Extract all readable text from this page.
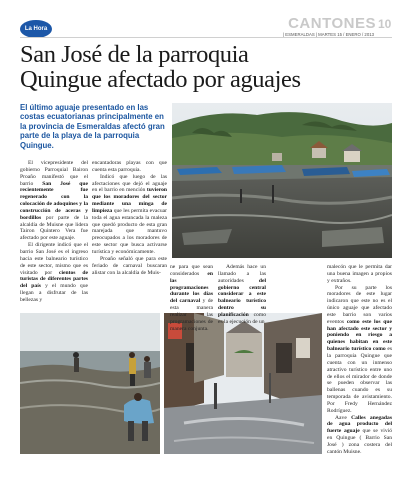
La Hora	CANTONES 10
| ESMERALDAS | MARTES 15 / ENERO / 2013
San José de la parroquia
Quingue afectado por aguajes

El último aguaje presentado en las costas ecuatorianas principalmente en la provincia de Esmeraldas afectó gran parte de la playa de la parroquia Quingue.

El vicepresidente del gobierno Parroquial Bairon Proaño manifestó que el barrio San José que recientemente fue regenerado con la colocación de adoquines y la construcción de aceras y bordillos por parte de la alcaldía de Muisne que lidera Tairon Quintero Vera fue afectado por este aguaje.
El dirigente indicó que el barrio San José es el ingreso hacia este balneario turístico de este sector, mismo que es visitado por cientos de turistas de diferentes partes del país y el mundo que llegan a disfrutar de las bellezas y
encantadoras playas con que cuenta esta parroquia.
Indicó que luego de las afectaciones que dejó el aguaje en el barrio en mención tuvieron que los moradores del sector mediante una minga de limpieza que les permita evacuar toda el agua estancada la maleza que quedó producto de esta gran marejada que mantuvo preocupados a los moradores de este sector que busca activarse turística y económicamente.
Proaño señaló que para este feriado de carnaval buscaran alistar con la alcaldía de Muis-
ne para que sean considerados en las programaciones durante los días del carnaval y de esta manera realizar las programaciones de manera conjunta.
Además hace un llamado a las autoridades del gobierno central considerar a este balneario turístico dentro su planificación como es la ejecución de un
malecón que le permita dar una buena imagen a propios y extraños.
Por su parte los moradores de este lugar indicaron que este no es el único aguaje que afectado este barrio son varios eventos como este los que han afectado este sector y poniendo en riesgo a quienes habitan en este balneario turístico como es la parroquia Quingue que cuenta con un inmenso atractivo turístico entre uno de ellos el mirador de donde se pueden observar las ballenas cuando es su temporada de avistamiento. Por Fredy Hernández Rodríguez.
Aave Calles anegadas de agua producto del fuerte aguaje que se vivió en Quingue ( Barrio San José ) zona costera del cantón Muisne.
